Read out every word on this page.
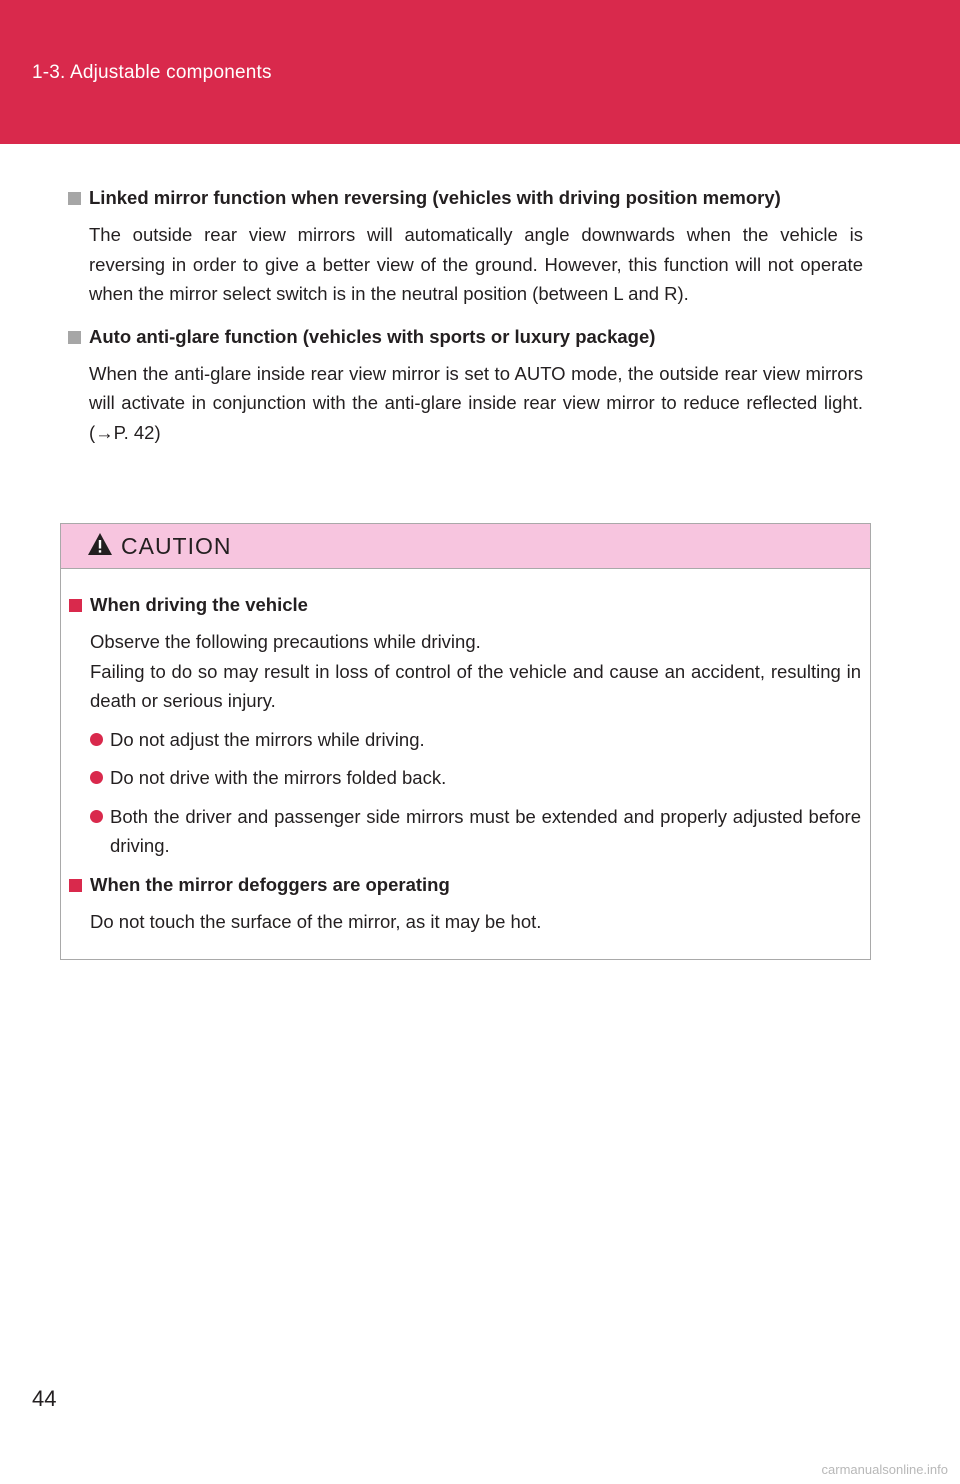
1-3. Adjustable components
Linked mirror function when reversing (vehicles with driving position memory)
The outside rear view mirrors will automatically angle downwards when the vehicle is reversing in order to give a better view of the ground. However, this function will not operate when the mirror select switch is in the neutral position (between L and R).
Auto anti-glare function (vehicles with sports or luxury package)
When the anti-glare inside rear view mirror is set to AUTO mode, the outside rear view mirrors will activate in conjunction with the anti-glare inside rear view mirror to reduce reflected light. (→P. 42)
CAUTION
When driving the vehicle
Observe the following precautions while driving.
Failing to do so may result in loss of control of the vehicle and cause an accident, resulting in death or serious injury.
Do not adjust the mirrors while driving.
Do not drive with the mirrors folded back.
Both the driver and passenger side mirrors must be extended and properly adjusted before driving.
When the mirror defoggers are operating
Do not touch the surface of the mirror, as it may be hot.
44
carmanualsonline.info
